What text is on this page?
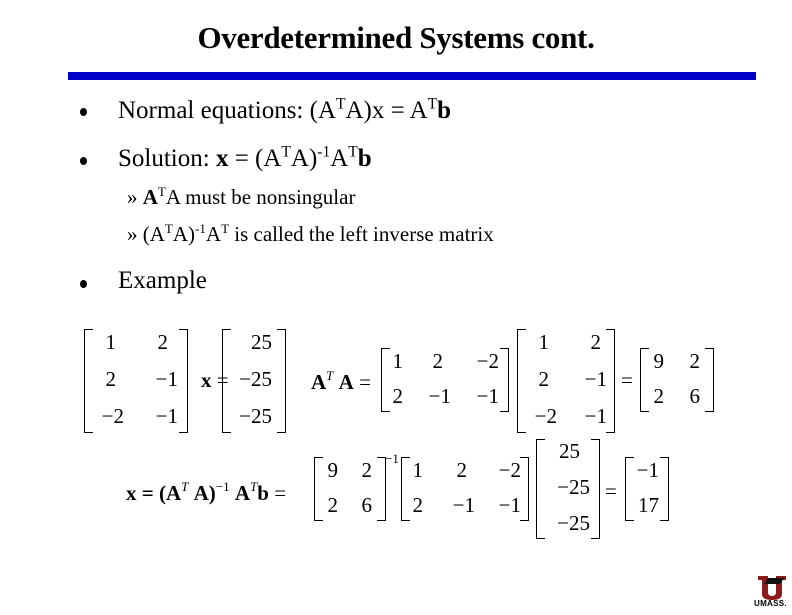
Overdetermined Systems cont.
Normal equations: $(A^TA)x = A^Tb$
Solution: $x = (A^TA)^{-1}A^Tb$
» $A^TA$ must be nonsingular
» $(A^TA)^{-1}A^T$ is called the left inverse matrix
Example
1 2
2 −1
−2 −1
x =
25
−25
−25
$A^T$ A =
1 2 −2
2 −1 −1
1 2
2 −1
−2 −1
=
9 2
2 6
$x = (A^T$ A)$^{-1}$ $A^Tb$ =
9 2
2 6
−1 1 2 −2
2 −1 −1
25
−25
−25
=
−1
17
UMASS.
